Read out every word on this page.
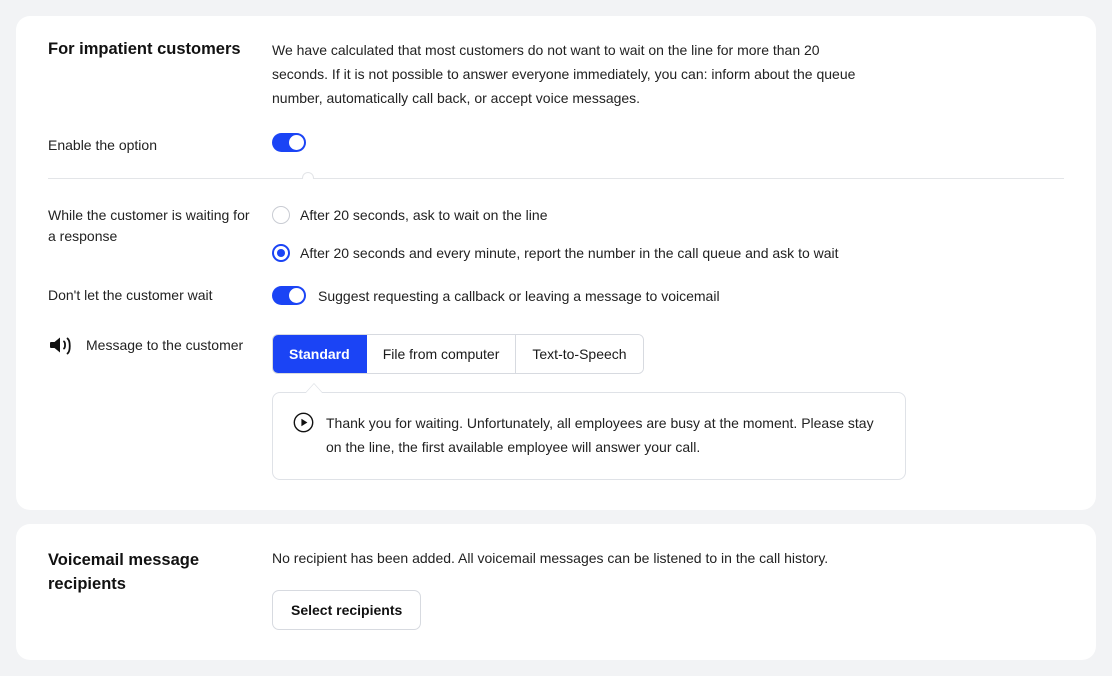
For impatient customers	We have calculated that most customers do not want to wait on the line for more than 20 seconds. If it is not possible to answer everyone immediately, you can: inform about the queue number, automatically call back, or accept voice messages.

Enable the option
While the customer is waiting for a response
After 20 seconds, ask to wait on the line
After 20 seconds and every minute, report the number in the call queue and ask to wait
Don't let the customer wait	Suggest requesting a callback or leaving a message to voicemail
Message to the customer
Standard	File from computer	Text-to-Speech
Thank you for waiting. Unfortunately, all employees are busy at the moment. Please stay on the line, the first available employee will answer your call.
Voicemail message recipients

No recipient has been added. All voicemail messages can be listened to in the call history.

Select recipients
